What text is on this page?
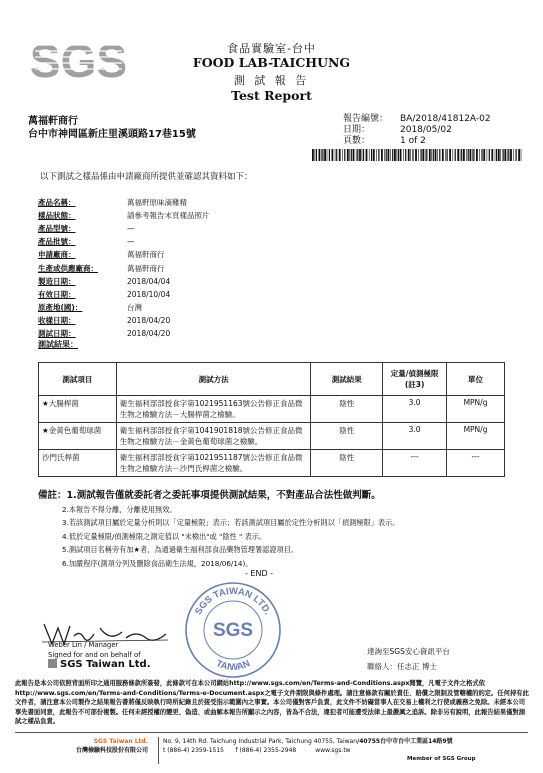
SGS	食品實驗室-台中
FOOD LAB-TAICHUNG
測 試 報 告
Test Report
萬福軒商行
台中市神岡區新庄里溪頭路17巷15號
報告編號： BA/2018/41812A-02
日期：	2018/05/02
頁數：	1 of 2
以下測試之樣品係由申請廠商所提供並確認其資料如下：
產品名稱：	萬福軒原味滴雞精
樣品狀態：	請參考報告末頁樣品照片
產品型號：	—
產品批號：	—
申請廠商：	萬福軒商行
生產或供應廠商：	萬福軒商行
製造日期：	2018/04/04
有效日期：	2018/10/04
原產地(國)：	台灣
收樣日期：	2018/04/20
測試日期：	2018/04/20
測試結果：
測試項目	測試方法	測試結果	定量/偵測極限(註3)	單位
★大腸桿菌	衛生福利部部授食字第1021951163號公告修正食品微生物之檢驗方法－大腸桿菌之檢驗。	陰性	3.0	MPN/g
★金黃色葡萄球菌	衛生福利部部授食字第1041901818號公告修正食品微生物之檢驗方法－金黃色葡萄球菌之檢驗。	陰性	3.0	MPN/g
沙門氏桿菌	衛生福利部部授食字第1021951187號公告修正食品微生物之檢驗方法－沙門氏桿菌之檢驗。	陰性	---	---
備註：1.測試報告僅就委託者之委託事項提供測試結果，不對產品合法性做判斷。
2.本報告不得分離，分離使用無效。
3.若該測試項目屬於定量分析則以「定量極限」表示；若該測試項目屬於定性分析則以「偵測極限」表示。
4.低於定量極限/偵測極限之測定值以 "未檢出"或 "陰性 " 表示。
5.測試項目名稱旁有加★者，為通過衛生福利部食品藥物管理署認證項目。
6.加嚴程序(測項分列及刪除食品衛生法規，2018/06/14)。
- END -
Weber Lin / Manager
Signed for and on behalf of
SGS Taiwan Ltd.
SGS TAIWAN LTD.
TAIWAN
SGS
達詢至SGS安心資訊平台
聯絡人：任志正 博士
此報告是本公司依照背面所印之通用服務條款所簽發，此條款可在本公司網站http://www.sgs.com/en/Terms-and-Conditions.aspx閱覽，凡電子文件之格式依http://www.sgs.com/en/Terms-and-Conditions/Terms-e-Document.aspx之電子文件期限與條件處理。請注意條款有關於責任、賠償之限制及管轄權的約定。任何持有此文件者，請注意本公司製作之結果報告書將僅反映執行時所紀錄且於接受指示範圍內之事實。本公司僅對客戶負責，此文件不妨礙當事人在交易上權利之行使或義務之免除。未經本公司事先書面同意，此報告不可部份複製。任何未經授權的變更、偽造、或曲解本報告所顯示之內容，皆為不合法，違犯者可能遭受法律上最嚴厲之追訴。除非另有說明，此報告結果僅對測試之樣品負責。
SGS Taiwan Ltd.
台灣檢驗科技股份有限公司
No. 9, 14th Rd. Taichung Industrial Park, Taichung 40755, Taiwan/40755台中市台中工業區14路9號
t (886-4) 2359-1515 f (886-4) 2355-2948	www.sgs.tw
Member of SGS Group
